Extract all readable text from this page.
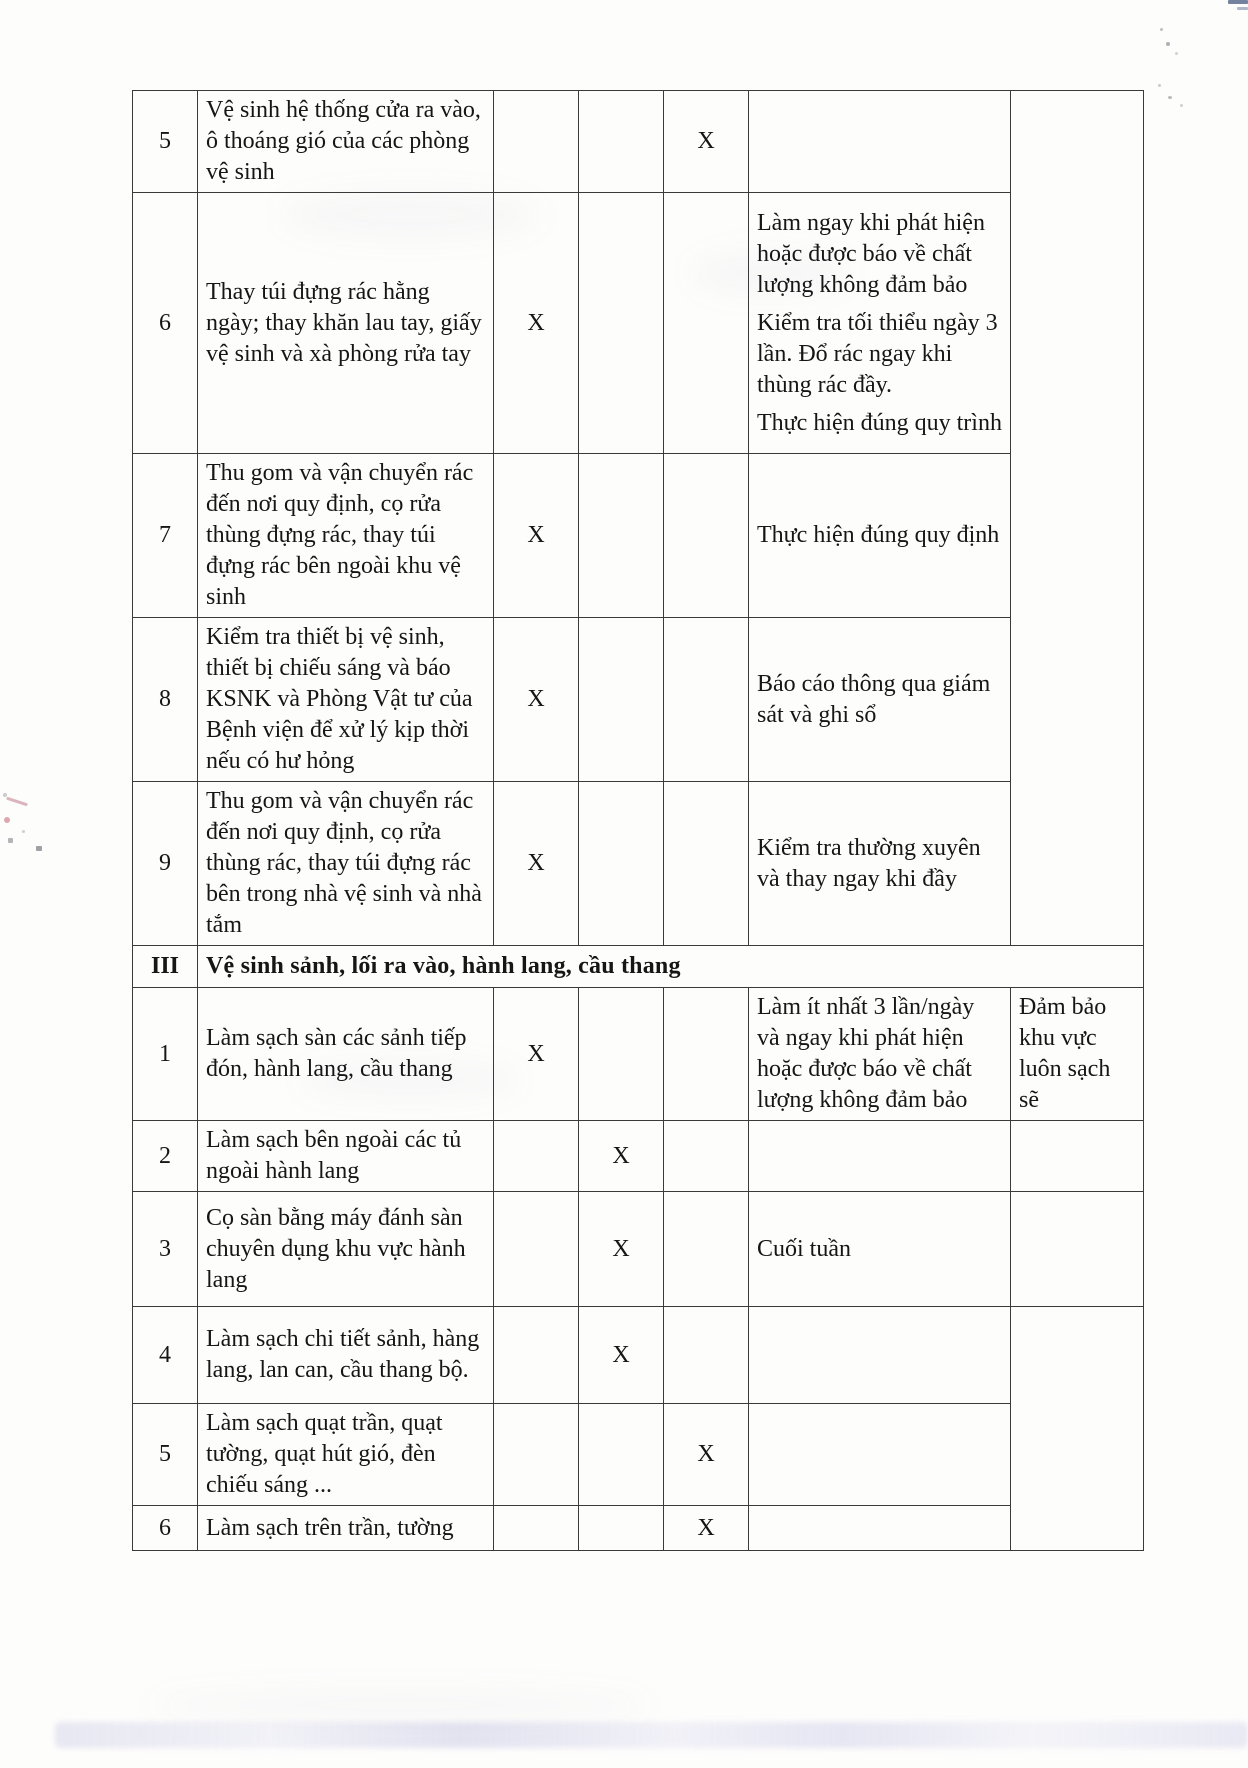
5	Vệ sinh hệ thống cửa ra vào, ô thoáng gió của các phòng vệ sinh			X		
6	Thay túi đựng rác hằng ngày; thay khăn lau tay, giấy vệ sinh và xà phòng rửa tay	X			Làm ngay khi phát hiện hoặc được báo về chất lượng không đảm bảo
Kiểm tra tối thiểu ngày 3 lần. Đổ rác ngay khi thùng rác đầy.
Thực hiện đúng quy trình	

7	Thu gom và vận chuyển rác đến nơi quy định, cọ rửa thùng đựng rác, thay túi đựng rác bên ngoài khu vệ sinh	X			Thực hiện đúng quy định	
8	Kiểm tra thiết bị vệ sinh, thiết bị chiếu sáng và báo KSNK và Phòng Vật tư của Bệnh viện để xử lý kịp thời nếu có hư hỏng	X			Báo cáo thông qua giám sát và ghi sổ	
9	Thu gom và vận chuyển rác đến nơi quy định, cọ rửa thùng rác, thay túi đựng rác bên trong nhà vệ sinh và nhà tắm	X			Kiểm tra thường xuyên và thay ngay khi đầy	
III	Vệ sinh sảnh, lối ra vào, hành lang, cầu thang					
1	Làm sạch sàn các sảnh tiếp đón, hành lang, cầu thang	X			Làm ít nhất 3 lần/ngày và ngay khi phát hiện hoặc được báo về chất lượng không đảm bảo	Đảm bảo khu vực luôn sạch sẽ
2	Làm sạch bên ngoài các tủ ngoài hành lang		X			
3	Cọ sàn bằng máy đánh sàn chuyên dụng khu vực hành lang		X		Cuối tuần	
4	Làm sạch chi tiết sảnh, hàng lang, lan can, cầu thang bộ.		X			
5	Làm sạch quạt trần, quạt tường, quạt hút gió, đèn chiếu sáng ...			X		
6	Làm sạch trên trần, tường			X		
